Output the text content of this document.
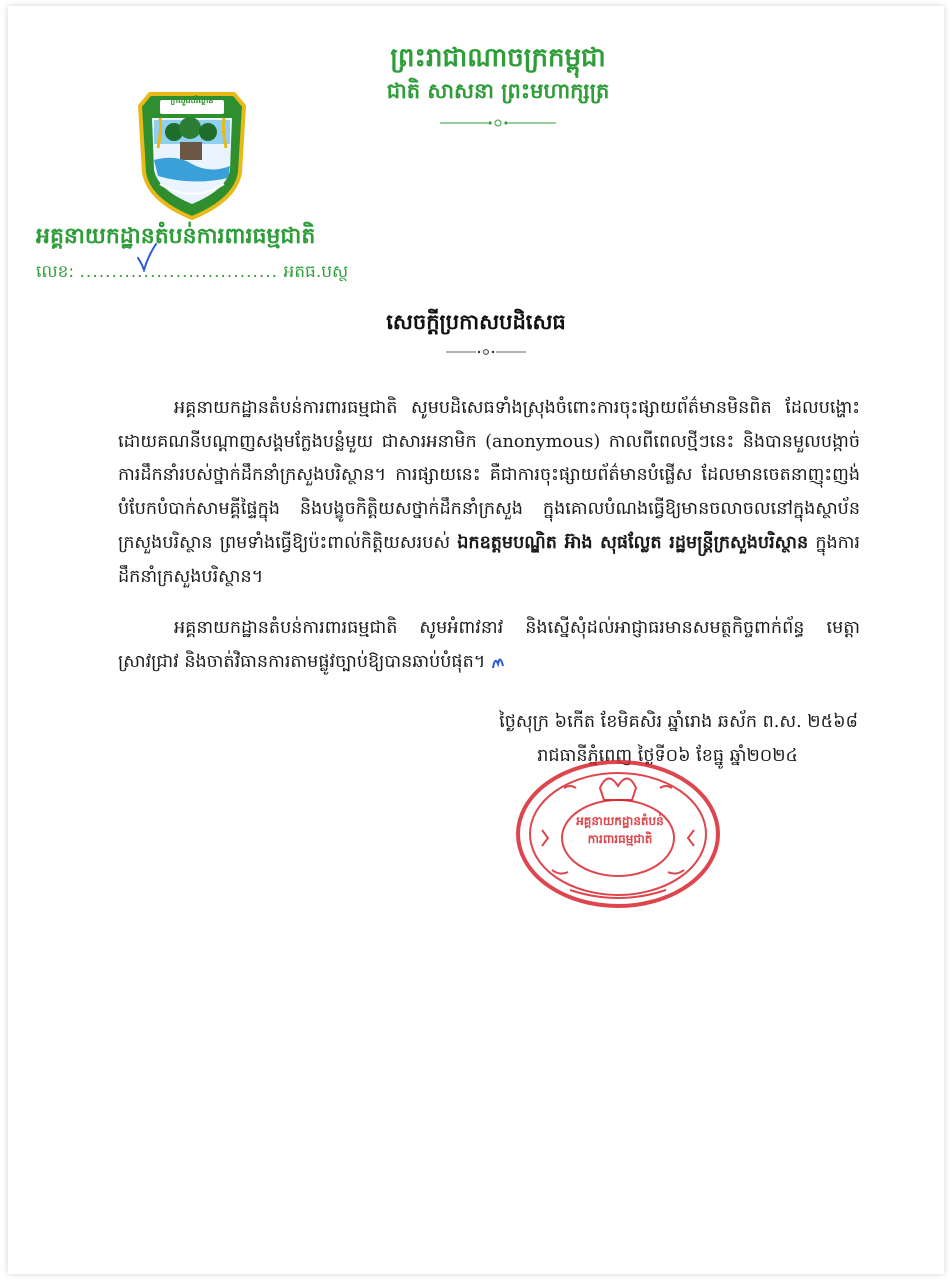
ព្រះរាជាណាចក្រកម្ពុជា
ជាតិ សាសនា ព្រះមហាក្សត្រ
ក្រសួងបរិស្ថាន
អគ្គនាយកដ្ឋានតំបន់ការពារធម្មជាតិ
លេខ: ............................... អតធ.បស្ថ
សេចក្ដីប្រកាសបដិសេធ
អគ្គនាយកដ្ឋានតំបន់ការពារធម្មជាតិ សូមបដិសេធទាំងស្រុងចំពោះការចុះផ្សាយព័ត៌មានមិនពិត ដែលបង្ហោះដោយគណនីបណ្ដាញសង្គមក្លែងបន្លំមួយ ជាសារអនាមិក (anonymous) កាលពីពេលថ្មីៗនេះ និងបានមួលបង្កាច់ការដឹកនាំរបស់ថ្នាក់ដឹកនាំក្រសួងបរិស្ថាន។ ការផ្សាយនេះ គឺជាការចុះផ្សាយព័ត៌មានបំផ្លើស ដែលមានចេតនាញុះញង់ បំបែកបំបាក់សាមគ្គីផ្ទៃក្នុង និងបង្ខូចកិត្តិយសថ្នាក់ដឹកនាំក្រសួង ក្នុងគោលបំណងធ្វើឱ្យមានចលាចលនៅក្នុងស្ថាប័នក្រសួងបរិស្ថាន ព្រមទាំងធ្វើឱ្យប៉ះពាល់កិត្តិយសរបស់ ឯកឧត្ដមបណ្ឌិត អ៊ាង សុផល្លែត រដ្ឋមន្ត្រីក្រសួងបរិស្ថាន ក្នុងការដឹកនាំក្រសួងបរិស្ថាន។
អគ្គនាយកដ្ឋានតំបន់ការពារធម្មជាតិ សូមអំពាវនាវ និងស្នើសុំដល់អាជ្ញាធរមានសមត្ថកិច្ចពាក់ព័ន្ធ មេត្តាស្រាវជ្រាវ និងចាត់វិធានការតាមផ្លូវច្បាប់ឱ្យបានឆាប់បំផុត។
ថ្ងៃសុក្រ ៦កើត ខែមិគសិរ ឆ្នាំរោង ឆស័ក ព.ស. ២៥៦៨
រាជធានីភ្នំពេញ ថ្ងៃទី០៦ ខែធ្នូ ឆ្នាំ២០២៤
អគ្គនាយកដ្ឋានតំបន់ការពារធម្មជាតិ
